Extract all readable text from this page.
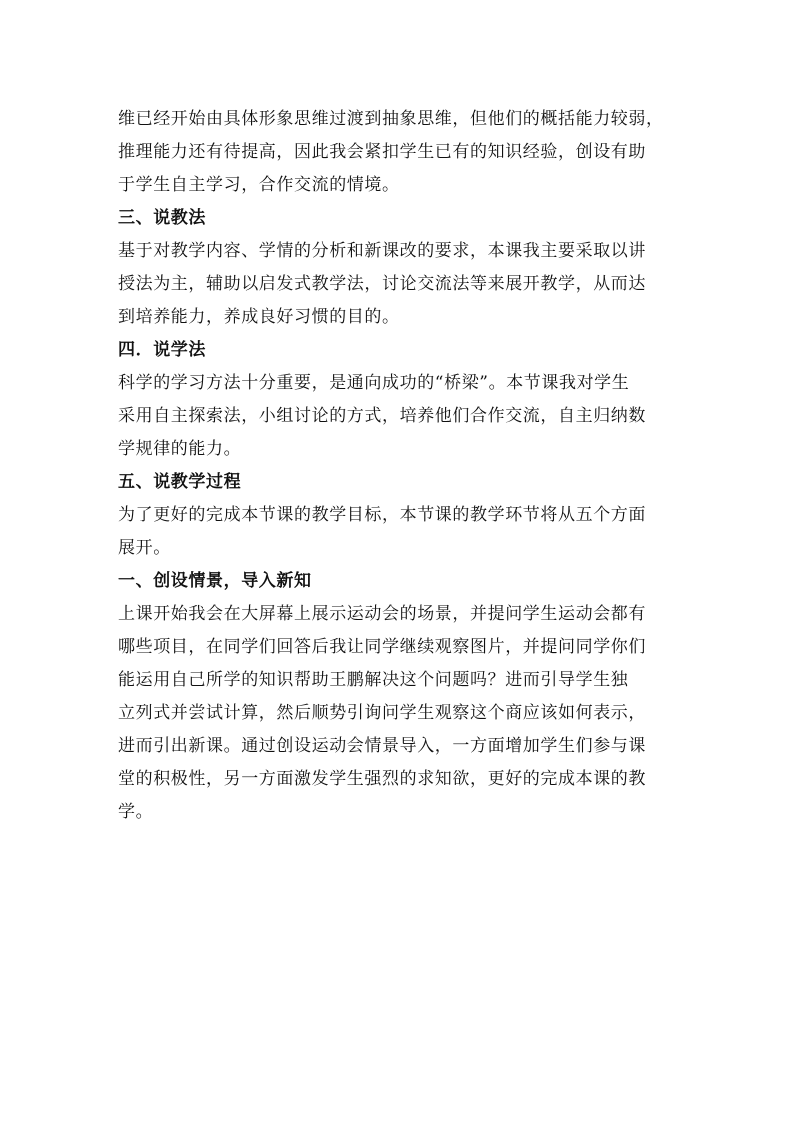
维已经开始由具体形象思维过渡到抽象思维，但他们的概括能力较弱，
推理能力还有待提高，因此我会紧扣学生已有的知识经验，创设有助
于学生自主学习，合作交流的情境。
三、说教法
基于对教学内容、学情的分析和新课改的要求，本课我主要采取以讲
授法为主，辅助以启发式教学法，讨论交流法等来展开教学，从而达
到培养能力，养成良好习惯的目的。
四．说学法
科学的学习方法十分重要，是通向成功的“桥梁”。本节课我对学生
采用自主探索法，小组讨论的方式，培养他们合作交流，自主归纳数
学规律的能力。
五、说教学过程
为了更好的完成本节课的教学目标，本节课的教学环节将从五个方面
展开。
一、创设情景，导入新知
上课开始我会在大屏幕上展示运动会的场景，并提问学生运动会都有
哪些项目，在同学们回答后我让同学继续观察图片，并提问同学你们
能运用自己所学的知识帮助王鹏解决这个问题吗？进而引导学生独
立列式并尝试计算，然后顺势引询问学生观察这个商应该如何表示，
进而引出新课。通过创设运动会情景导入，一方面增加学生们参与课
堂的积极性，另一方面激发学生强烈的求知欲，更好的完成本课的教
学。
